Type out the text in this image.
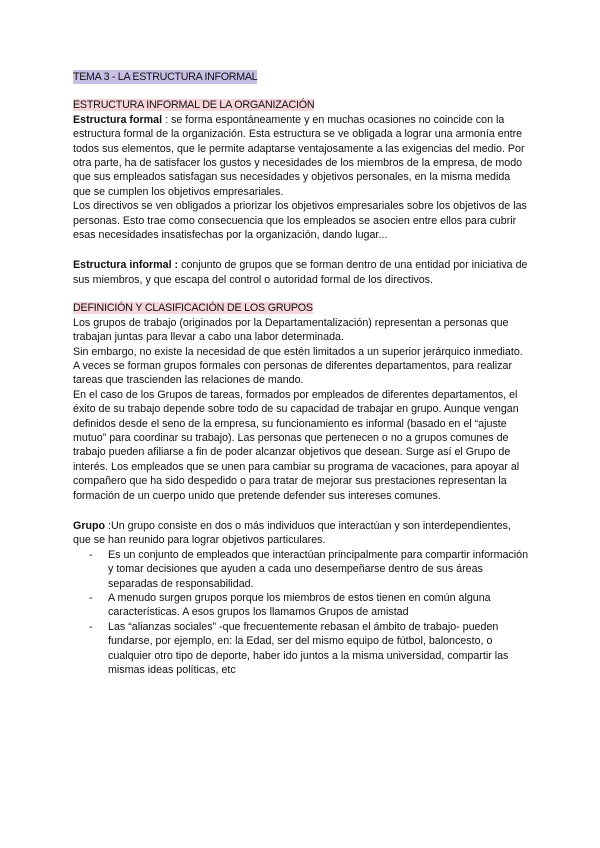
TEMA 3 - LA ESTRUCTURA INFORMAL
ESTRUCTURA INFORMAL DE LA ORGANIZACIÓN

Estructura formal : se forma espontáneamente y en muchas ocasiones no coincide con la estructura formal de la organización. Esta estructura se ve obligada a lograr una armonía entre todos sus elementos, que le permite adaptarse ventajosamente a las exigencias del medio. Por otra parte, ha de satisfacer los gustos y necesidades de los miembros de la empresa, de modo que sus empleados satisfagan sus necesidades y objetivos personales, en la misma medida que se cumplen los objetivos empresariales.

Los directivos se ven obligados a priorizar los objetivos empresariales sobre los objetivos de las personas. Esto trae como consecuencia que los empleados se asocien entre ellos para cubrir esas necesidades insatisfechas por la organización, dando lugar...

Estructura informal : conjunto de grupos que se forman dentro de una entidad por iniciativa de sus miembros, y que escapa del control o autoridad formal de los directivos.

DEFINICIÓN Y CLASIFICACIÓN DE LOS GRUPOS

Los grupos de trabajo (originados por la Departamentalización) representan a personas que trabajan juntas para llevar a cabo una labor determinada.

Sin embargo, no existe la necesidad de que estén limitados a un superior jerárquico inmediato. A veces se forman grupos formales con personas de diferentes departamentos, para realizar tareas que trascienden las relaciones de mando.

En el caso de los Grupos de tareas, formados por empleados de diferentes departamentos, el éxito de su trabajo depende sobre todo de su capacidad de trabajar en grupo. Aunque vengan definidos desde el seno de la empresa, su funcionamiento es informal (basado en el “ajuste mutuo” para coordinar su trabajo). Las personas que pertenecen o no a grupos comunes de trabajo pueden afiliarse a fin de poder alcanzar objetivos que desean. Surge así el Grupo de interés. Los empleados que se unen para cambiar su programa de vacaciones, para apoyar al compañero que ha sido despedido o para tratar de mejorar sus prestaciones representan la formación de un cuerpo unido que pretende defender sus intereses comunes.

Grupo :Un grupo consiste en dos o más individuos que interactúan y son interdependientes, que se han reunido para lograr objetivos particulares.

- Es un conjunto de empleados que interactúan principalmente para compartir información y tomar decisiones que ayuden a cada uno desempeñarse dentro de sus áreas separadas de responsabilidad.
- A menudo surgen grupos porque los miembros de estos tienen en común alguna características. A esos grupos los llamamos Grupos de amistad
- Las “alianzas sociales” -que frecuentemente rebasan el ámbito de trabajo- pueden fundarse, por ejemplo, en: la Edad, ser del mismo equipo de fútbol, baloncesto, o cualquier otro tipo de deporte, haber ido juntos a la misma universidad, compartir las mismas ideas políticas, etc
